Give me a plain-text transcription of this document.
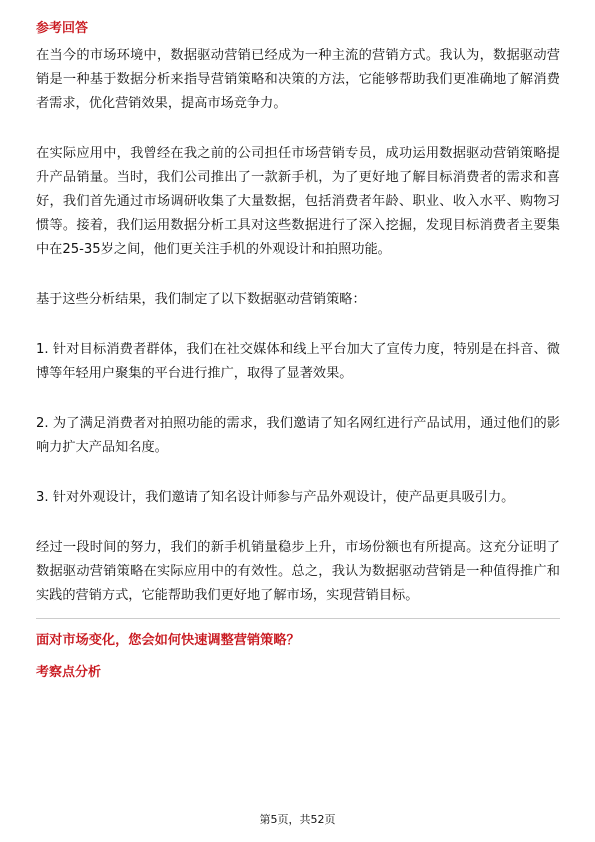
参考回答

在当今的市场环境中，数据驱动营销已经成为一种主流的营销方式。我认为，数据驱动营销是一种基于数据分析来指导营销策略和决策的方法，它能够帮助我们更准确地了解消费者需求，优化营销效果，提高市场竞争力。

在实际应用中，我曾经在我之前的公司担任市场营销专员，成功运用数据驱动营销策略提升产品销量。当时，我们公司推出了一款新手机，为了更好地了解目标消费者的需求和喜好，我们首先通过市场调研收集了大量数据，包括消费者年龄、职业、收入水平、购物习惯等。接着，我们运用数据分析工具对这些数据进行了深入挖掘，发现目标消费者主要集中在25-35岁之间，他们更关注手机的外观设计和拍照功能。

基于这些分析结果，我们制定了以下数据驱动营销策略：

1. 针对目标消费者群体，我们在社交媒体和线上平台加大了宣传力度，特别是在抖音、微博等年轻用户聚集的平台进行推广，取得了显著效果。

2. 为了满足消费者对拍照功能的需求，我们邀请了知名网红进行产品试用，通过他们的影响力扩大产品知名度。

3. 针对外观设计，我们邀请了知名设计师参与产品外观设计，使产品更具吸引力。

经过一段时间的努力，我们的新手机销量稳步上升，市场份额也有所提高。这充分证明了数据驱动营销策略在实际应用中的有效性。总之，我认为数据驱动营销是一种值得推广和实践的营销方式，它能帮助我们更好地了解市场，实现营销目标。

面对市场变化，您会如何快速调整营销策略？

考察点分析

第5页，共52页
